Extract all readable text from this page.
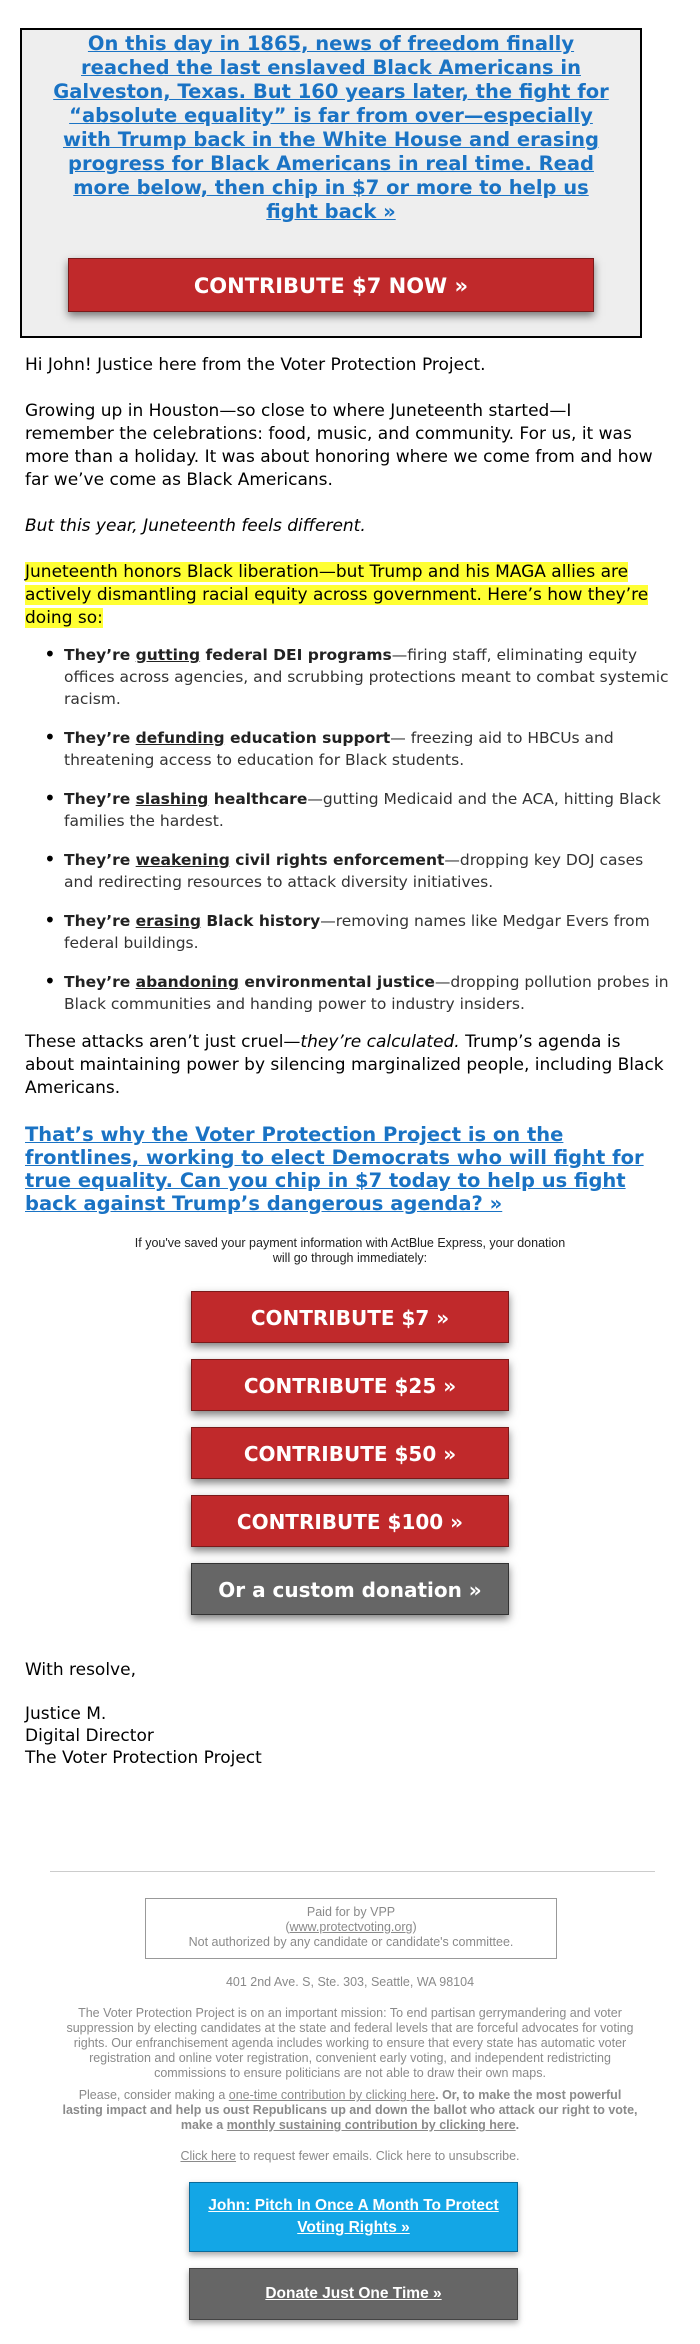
On this day in 1865, news of freedom finally reached the last enslaved Black Americans in Galveston, Texas. But 160 years later, the fight for “absolute equality” is far from over—especially with Trump back in the White House and erasing progress for Black Americans in real time. Read more below, then chip in $7 or more to help us fight back »
CONTRIBUTE $7 NOW »

Hi John! Justice here from the Voter Protection Project.

Growing up in Houston—so close to where Juneteenth started—I remember the celebrations: food, music, and community. For us, it was more than a holiday. It was about honoring where we come from and how far we’ve come as Black Americans.

But this year, Juneteenth feels different.

Juneteenth honors Black liberation—but Trump and his MAGA allies are actively dismantling racial equity across government. Here’s how they’re doing so:

• They’re gutting federal DEI programs—firing staff, eliminating equity offices across agencies, and scrubbing protections meant to combat systemic racism.
• They’re defunding education support— freezing aid to HBCUs and threatening access to education for Black students.
• They’re slashing healthcare—gutting Medicaid and the ACA, hitting Black families the hardest.
• They’re weakening civil rights enforcement—dropping key DOJ cases and redirecting resources to attack diversity initiatives.
• They’re erasing Black history—removing names like Medgar Evers from federal buildings.
• They’re abandoning environmental justice—dropping pollution probes in Black communities and handing power to industry insiders.

These attacks aren’t just cruel—they’re calculated. Trump’s agenda is about maintaining power by silencing marginalized people, including Black Americans.

That’s why the Voter Protection Project is on the frontlines, working to elect Democrats who will fight for true equality. Can you chip in $7 today to help us fight back against Trump’s dangerous agenda? »
If you've saved your payment information with ActBlue Express, your donation
will go through immediately:
CONTRIBUTE $7 »
CONTRIBUTE $25 »
CONTRIBUTE $50 »
CONTRIBUTE $100 »
Or a custom donation »
With resolve,
Justice M.
Digital Director
The Voter Protection Project
Paid for by VPP
(www.protectvoting.org)
Not authorized by any candidate or candidate's committee.
401 2nd Ave. S, Ste. 303, Seattle, WA 98104
The Voter Protection Project is on an important mission: To end partisan gerrymandering and voter suppression by electing candidates at the state and federal levels that are forceful advocates for voting rights. Our enfranchisement agenda includes working to ensure that every state has automatic voter registration and online voter registration, convenient early voting, and independent redistricting commissions to ensure politicians are not able to draw their own maps.
Please, consider making a one-time contribution by clicking here. Or, to make the most powerful lasting impact and help us oust Republicans up and down the ballot who attack our right to vote, make a monthly sustaining contribution by clicking here.
Click here to request fewer emails. Click here to unsubscribe.
John: Pitch In Once A Month To Protect Voting Rights »
Donate Just One Time »
